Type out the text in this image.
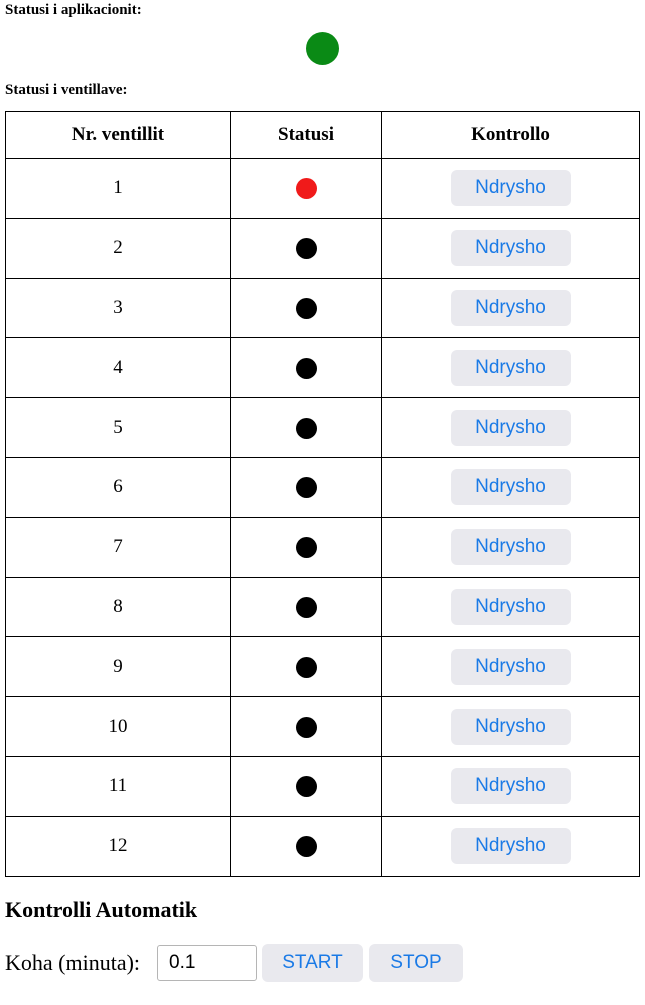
Statusi i aplikacionit:
Statusi i ventillave:
Nr. ventillit	Statusi	Kontrollo
1		Ndrysho
2		Ndrysho
3		Ndrysho
4		Ndrysho
5		Ndrysho
6		Ndrysho
7		Ndrysho
8		Ndrysho
9		Ndrysho
10		Ndrysho
11		Ndrysho
12		Ndrysho
Kontrolli Automatik
Koha (minuta):
0.1	START	STOP
